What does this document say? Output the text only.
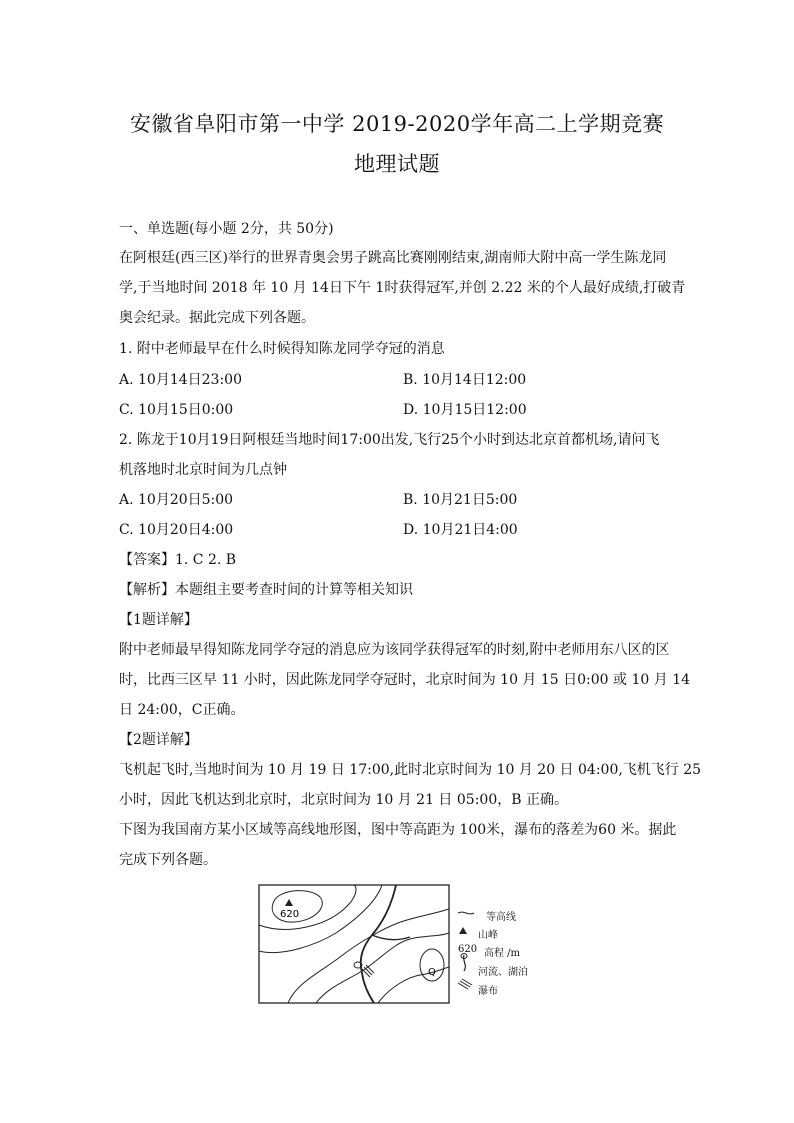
安徽省阜阳市第一中学 2019-2020学年高二上学期竞赛
地理试题
一、单选题(每小题 2分，共 50分)
在阿根廷(西三区)举行的世界青奥会男子跳高比赛刚刚结束,湖南师大附中高一学生陈龙同
学,于当地时间 2018 年 10 月 14日下午 1时获得冠军,并创 2.22 米的个人最好成绩,打破青
奥会纪录。据此完成下列各题。
1. 附中老师最早在什么时候得知陈龙同学夺冠的消息
A. 10月14日23:00	B. 10月14日12:00
C. 10月15日0:00	D. 10月15日12:00
2. 陈龙于10月19日阿根廷当地时间17:00出发,飞行25个小时到达北京首都机场,请问飞
机落地时北京时间为几点钟
A. 10月20日5:00	B. 10月21日5:00
C. 10月20日4:00	D. 10月21日4:00
【答案】1. C 2. B
【解析】本题组主要考查时间的计算等相关知识
【1题详解】
附中老师最早得知陈龙同学夺冠的消息应为该同学获得冠军的时刻,附中老师用东八区的区
时，比西三区早 11 小时，因此陈龙同学夺冠时，北京时间为 10 月 15 日0:00 或 10 月 14
日 24:00，C正确。
【2题详解】
飞机起飞时,当地时间为 10 月 19 日 17:00,此时北京时间为 10 月 20 日 04:00,飞机飞行 25
小时，因此飞机达到北京时，北京时间为 10 月 21 日 05:00，B 正确。
下图为我国南方某小区域等高线地形图，图中等高距为 100米，瀑布的落差为60 米。据此
完成下列各题。
620
Q
等高线
山峰
620 高程 /m
河流、湖泊
瀑布
